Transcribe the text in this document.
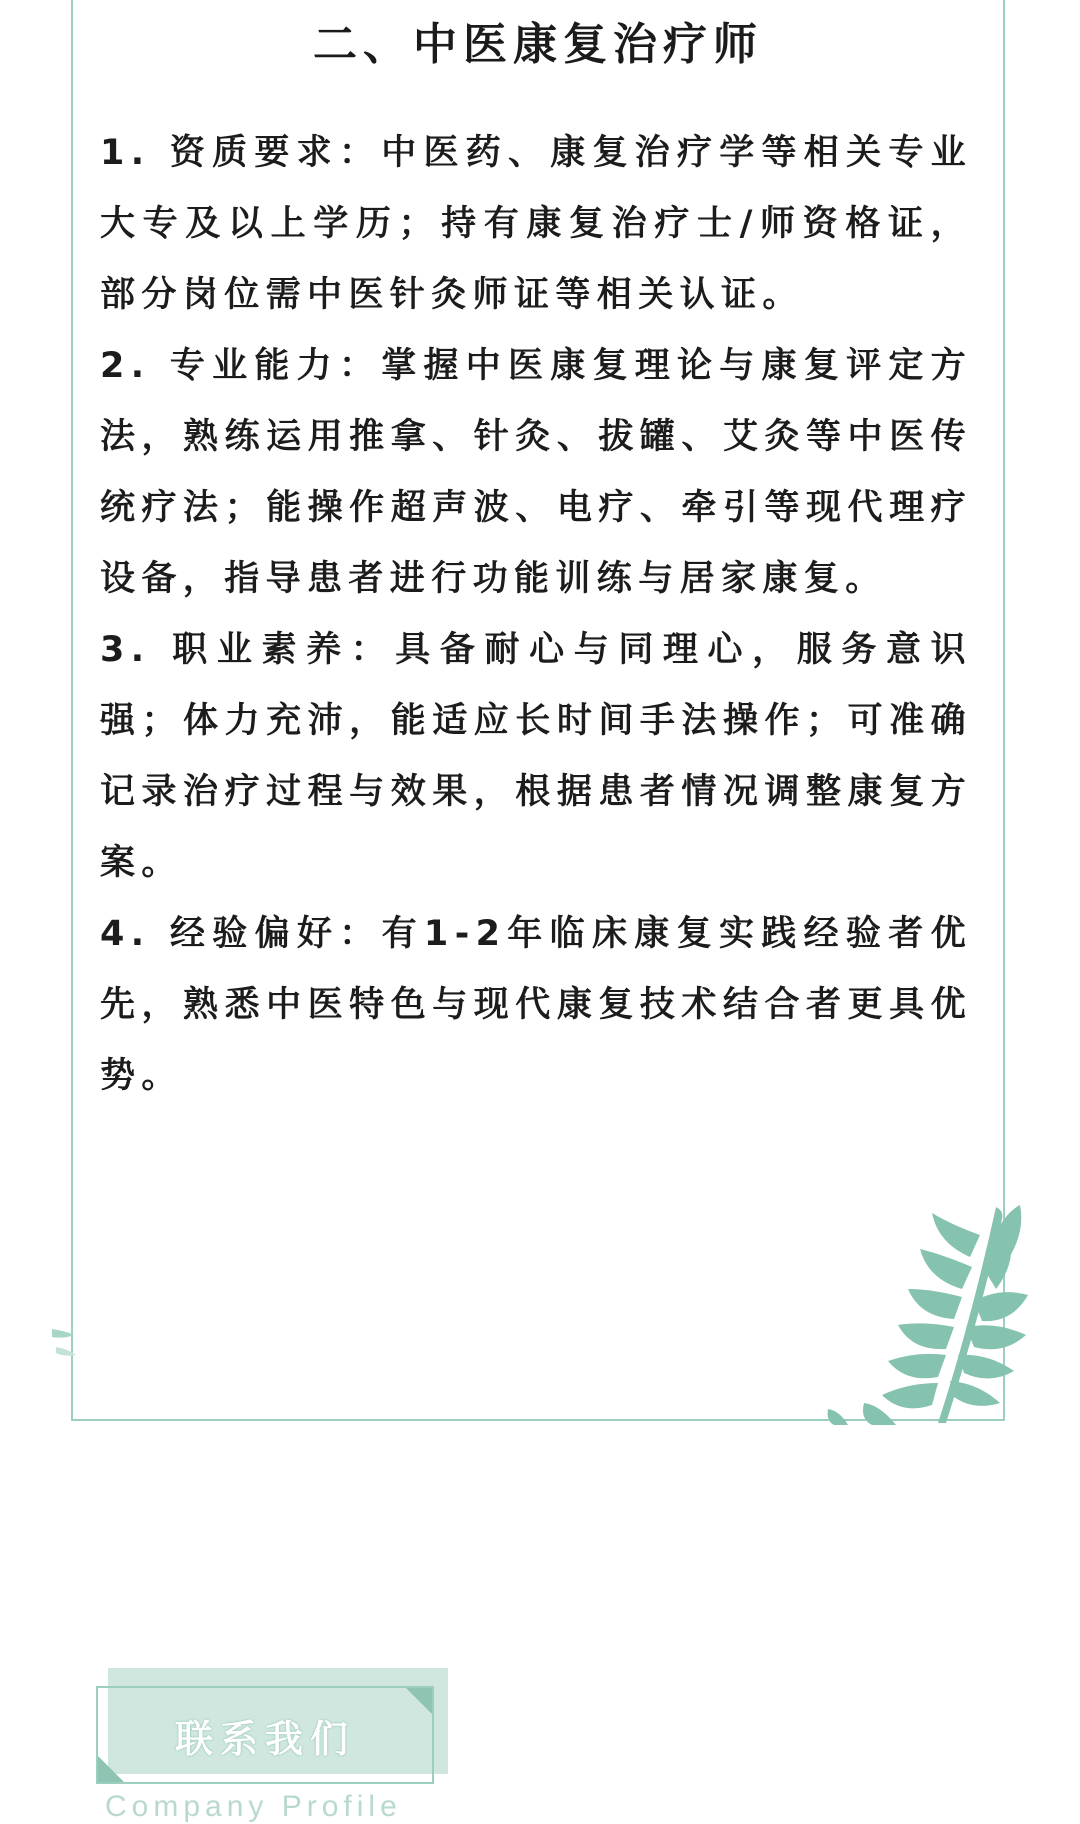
二、中医康复治疗师

1. 资质要求：中医药、康复治疗学等相关专业大专及以上学历；持有康复治疗士/师资格证，部分岗位需中医针灸师证等相关认证。

2. 专业能力：掌握中医康复理论与康复评定方法，熟练运用推拿、针灸、拔罐、艾灸等中医传统疗法；能操作超声波、电疗、牵引等现代理疗设备，指导患者进行功能训练与居家康复。

3. 职业素养：具备耐心与同理心，服务意识强；体力充沛，能适应长时间手法操作；可准确记录治疗过程与效果，根据患者情况调整康复方案。

4. 经验偏好：有1-2年临床康复实践经验者优先，熟悉中医特色与现代康复技术结合者更具优势。

联系我们
Company Profile
